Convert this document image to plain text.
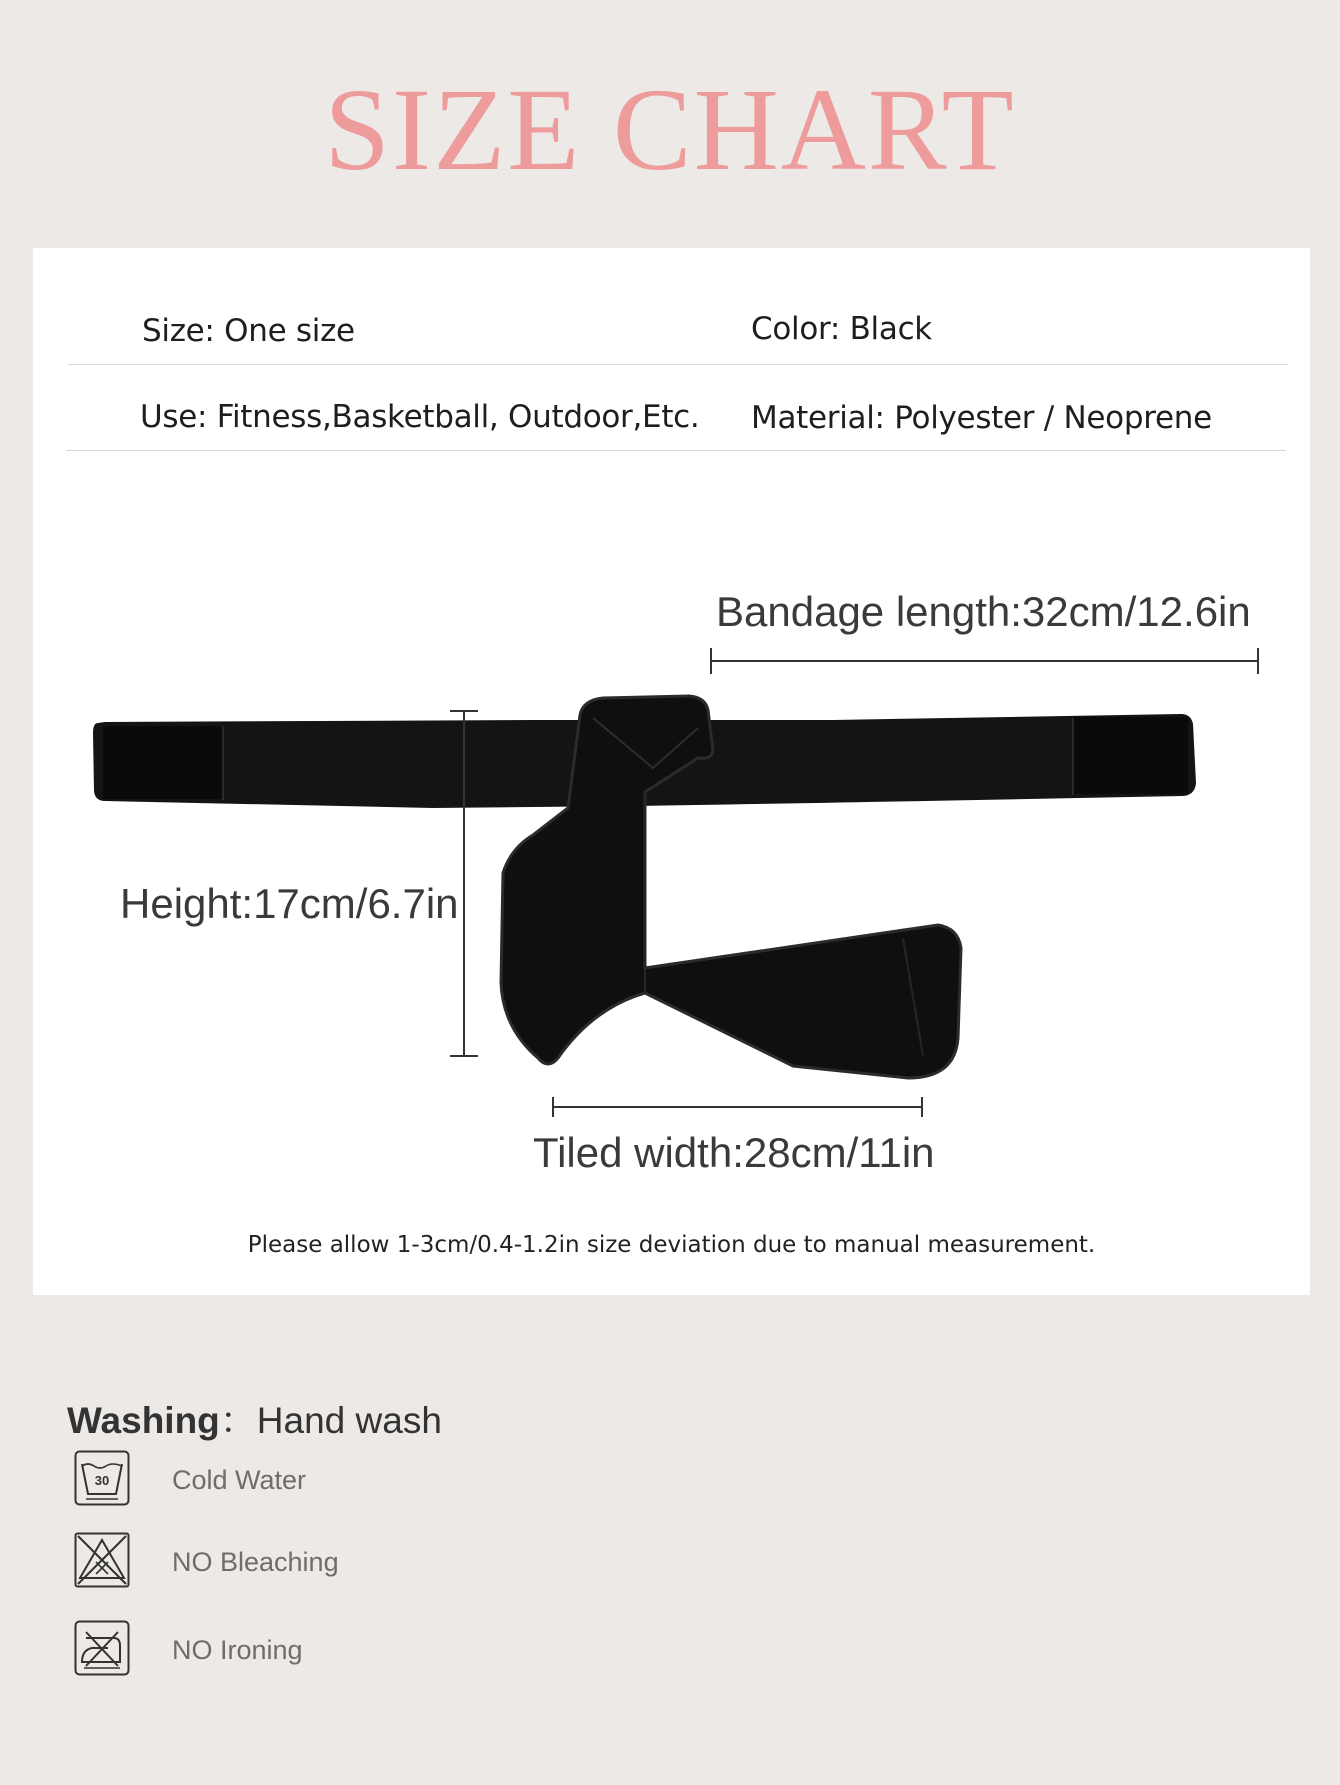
SIZE CHART
Size: One size	Color: Black
Use: Fitness,Basketball, Outdoor,Etc. Material: Polyester / Neoprene
Bandage length:32cm/12.6in
Height:17cm/6.7in
Tiled width:28cm/11in
Please allow 1-3cm/0.4-1.2in size deviation due to manual measurement.
Washing：Hand wash
30 Cold Water
NO Bleaching
NO Ironing
